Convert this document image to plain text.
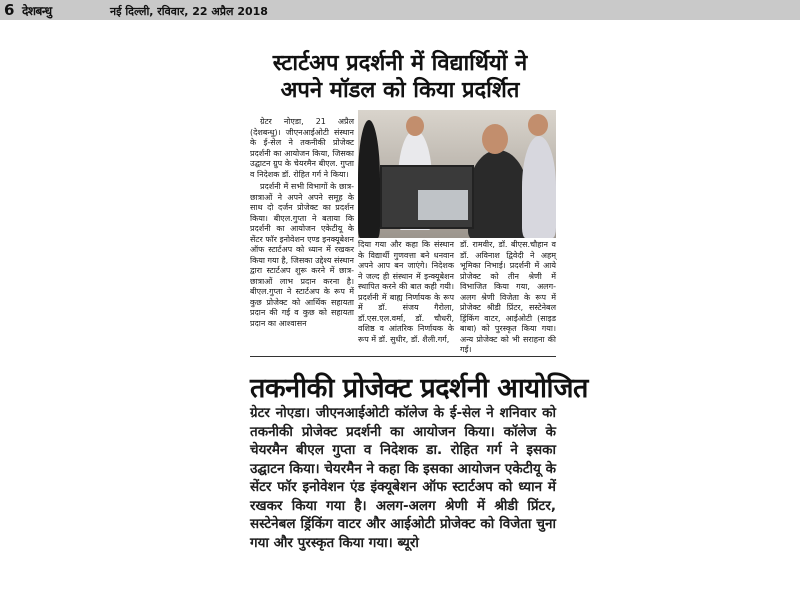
6 देशबन्धु	नई दिल्ली, रविवार, 22 अप्रैल 2018
स्टार्टअप प्रदर्शनी में विद्यार्थियों ने
अपने मॉडल को किया प्रदर्शित

ग्रेटर नोएडा, 21 अप्रैल (देशबन्धु)। जीएनआईओटी संस्थान के ई-सेल ने तकनीकी प्रोजेक्ट प्रदर्शनी का आयोजन किया, जिसका उद्घाटन ग्रुप के चेयरमैन बीएल. गुप्ता व निदेशक डॉ. रोहित गर्ग ने किया।

प्रदर्शनी में सभी विभागों के छात्र-छात्राओं ने अपने अपने समूह के साथ दो दर्जन प्रोजेक्ट का प्रदर्शन किया। बीएल.गुप्ता ने बताया कि प्रदर्शनी का आयोजन एकेटीयू के सेंटर फॉर इनोवेशन एण्ड इनक्यूबेशन ऑफ स्टार्टअप को ध्यान में रखकर किया गया है, जिसका उद्देश्य संस्थान द्वारा स्टार्टअप शुरू करने में छात्र-छात्राओं लाभ प्रदान करना है। बीएल.गुप्ता ने स्टार्टअप के रूप में कुछ प्रोजेक्ट को आर्थिक सहायता प्रदान की गई व कुछ को सहायता प्रदान का आश्वासन

दिया गया और कहा कि संस्थान के विद्यार्थी गुणवत्ता बने धनवान अपने आप बन जाएंगे। निदेशक ने जल्द ही संस्थान में इन्क्यूबेशन स्थापित करने की बात कही गयी। प्रदर्शनी में बाह्य निर्णायक के रूप में डॉ. संजय गैरोला, डॉ.एस.एल.वर्मा, डॉ. चौधरी, वशिष्ठ व आंतरिक निर्णायक के रूप में डॉ. सुधीर, डॉ. शैली.गर्ग,

डॉ. रामवीर, डॉ. बीएस.चौहान व डॉ. अविनाश द्विवेदी ने अहम् भूमिका निभाई। प्रदर्शनी में आये प्रोजेक्ट को तीन श्रेणी में विभाजित किया गया, अलग-अलग श्रेणी विजेता के रूप में प्रोजेक्ट श्रीडी प्रिंटर, सस्टेनेबल ड्रिंकिंग वाटर, आईओटी (साइड बाबा) को पुरस्कृत किया गया। अन्य प्रोजेक्ट को भी सराहना की गई।

तकनीकी प्रोजेक्ट प्रदर्शनी आयोजित
ग्रेटर नोएडा। जीएनआईओटी कॉलेज के ई-सेल ने शनिवार को तकनीकी प्रोजेक्ट प्रदर्शनी का आयोजन किया। कॉलेज के चेयरमैन बीएल गुप्ता व निदेशक डा. रोहित गर्ग ने इसका उद्घाटन किया। चेयरमैन ने कहा कि इसका आयोजन एकेटीयू के सेंटर फॉर इनोवेशन एंड इंक्यूबेशन ऑफ स्टार्टअप को ध्यान में रखकर किया गया है। अलग-अलग श्रेणी में श्रीडी प्रिंटर, सस्टेनेबल ड्रिंकिंग वाटर और आईओटी प्रोजेक्ट को विजेता चुना गया और पुरस्कृत किया गया। ब्यूरो
